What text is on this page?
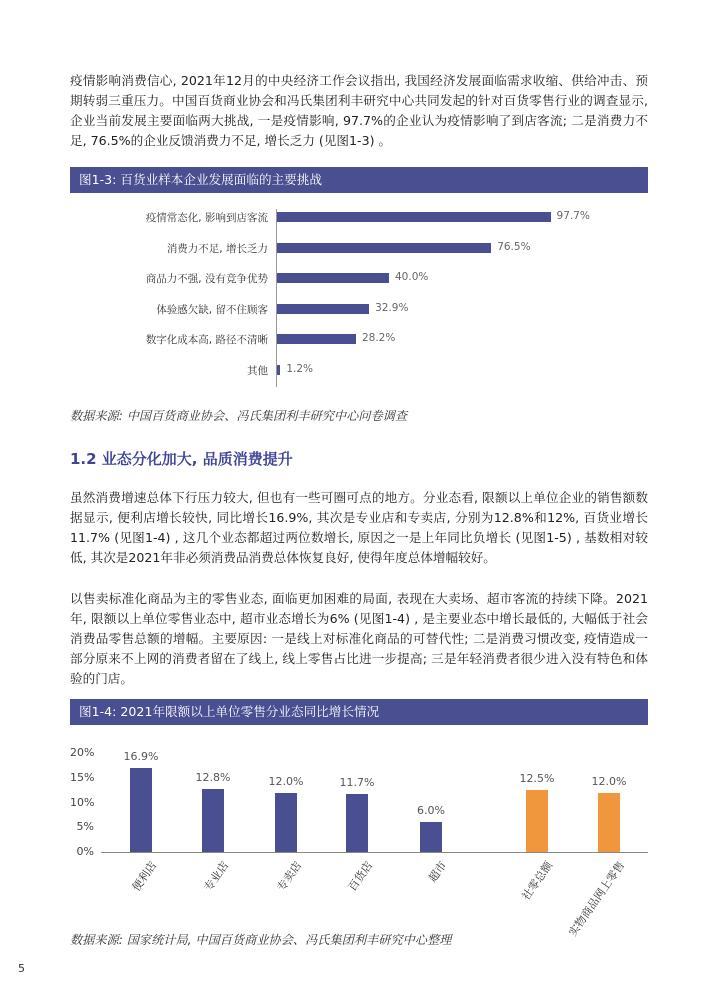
疫情影响消费信心, 2021年12月的中央经济工作会议指出, 我国经济发展面临需求收缩、供给冲击、预期转弱三重压力。中国百货商业协会和冯氏集团利丰研究中心共同发起的针对百货零售行业的调查显示, 企业当前发展主要面临两大挑战, 一是疫情影响, 97.7%的企业认为疫情影响了到店客流; 二是消费力不足, 76.5%的企业反馈消费力不足, 增长乏力 (见图1-3) 。

图1-3: 百货业样本企业发展面临的主要挑战
疫情常态化, 影响到店客流	97.7%
消费力不足, 增长乏力	76.5%
商品力不强, 没有竞争优势	40.0%
体验感欠缺, 留不住顾客	32.9%
数字化成本高, 路径不清晰	28.2%
其他 1.2%
数据来源: 中国百货商业协会、冯氏集团利丰研究中心问卷调查
1.2 业态分化加大, 品质消费提升

虽然消费增速总体下行压力较大, 但也有一些可圈可点的地方。分业态看, 限额以上单位企业的销售额数据显示, 便利店增长较快, 同比增长16.9%, 其次是专业店和专卖店, 分别为12.8%和12%, 百货业增长11.7% (见图1-4) , 这几个业态都超过两位数增长, 原因之一是上年同比负增长 (见图1-5) , 基数相对较低, 其次是2021年非必须消费品消费总体恢复良好, 使得年度总体增幅较好。

以售卖标准化商品为主的零售业态, 面临更加困难的局面, 表现在大卖场、超市客流的持续下降。2021年, 限额以上单位零售业态中, 超市业态增长为6% (见图1-4) , 是主要业态中增长最低的, 大幅低于社会消费品零售总额的增幅。主要原因: 一是线上对标准化商品的可替代性; 二是消费习惯改变, 疫情造成一部分原来不上网的消费者留在了线上, 线上零售占比进一步提高; 三是年轻消费者很少进入没有特色和体验的门店。

图1-4: 2021年限额以上单位零售分业态同比增长情况
0%
5%
10%
15%
20%	16.9%
便利店
12.8%
专业店
12.0%
专卖店
11.7%
百货店
6.0%
超市
12.5%
社零总额
12.0%
实物商品网上零售
数据来源: 国家统计局, 中国百货商业协会、冯氏集团利丰研究中心整理
5
